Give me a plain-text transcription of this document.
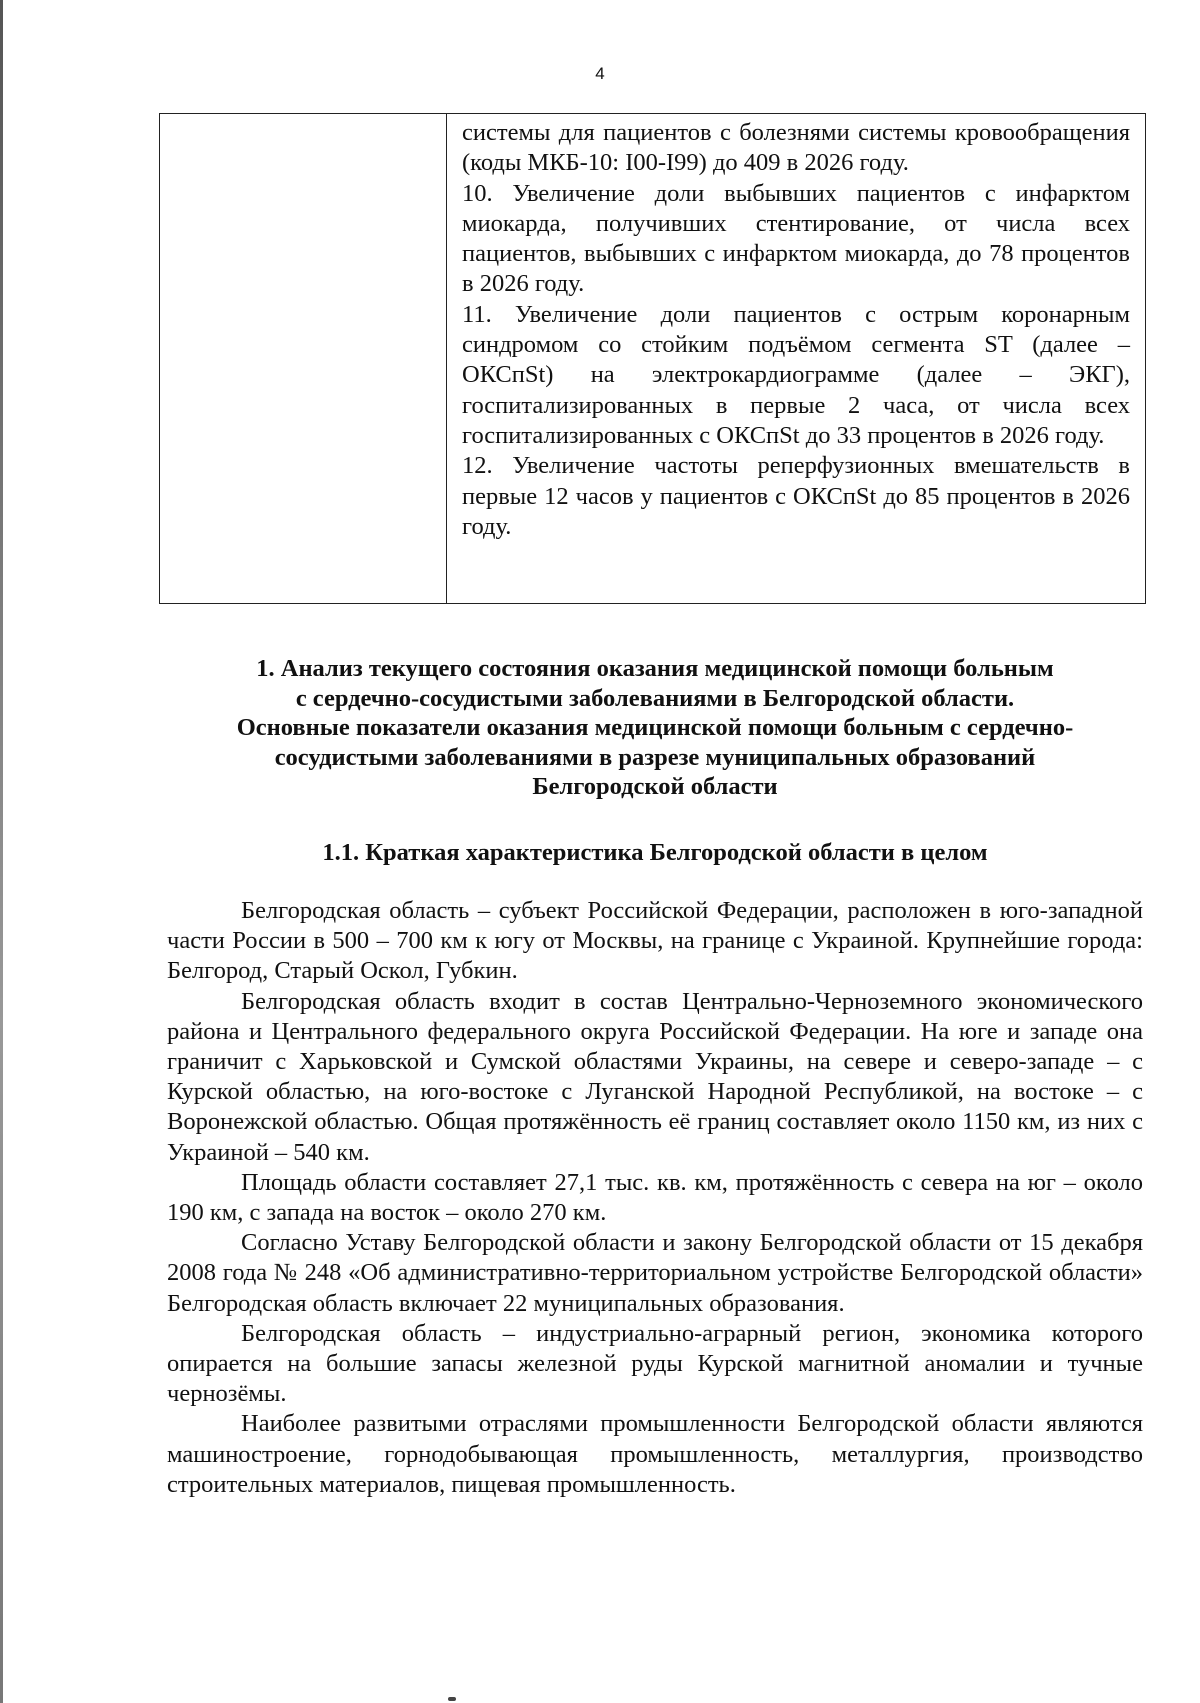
4

системы для пациентов с болезнями системы кровообращения (коды МКБ-10: I00-I99) до 409 в 2026 году.

10. Увеличение доли выбывших пациентов с инфарктом миокарда, получивших стентирование, от числа всех пациентов, выбывших с инфарктом миокарда, до 78 процентов в 2026 году.

11. Увеличение доли пациентов с острым коронарным синдромом со стойким подъёмом сегмента ST (далее – ОКСпSt) на электрокардиограмме (далее – ЭКГ), госпитализированных в первые 2 часа, от числа всех госпитализированных с ОКСпSt до 33 процентов в 2026 году.

12. Увеличение частоты реперфузионных вмешательств в первые 12 часов у пациентов с ОКСпSt до 85 процентов в 2026 году.

1. Анализ текущего состояния оказания медицинской помощи больным
с сердечно-сосудистыми заболеваниями в Белгородской области.
Основные показатели оказания медицинской помощи больным с сердечно-
сосудистыми заболеваниями в разрезе муниципальных образований
Белгородской области
1.1. Краткая характеристика Белгородской области в целом

Белгородская область – субъект Российской Федерации, расположен в юго-западной части России в 500 – 700 км к югу от Москвы, на границе с Украиной. Крупнейшие города: Белгород, Старый Оскол, Губкин.

Белгородская область входит в состав Центрально-Черноземного экономического района и Центрального федерального округа Российской Федерации. На юге и западе она граничит с Харьковской и Сумской областями Украины, на севере и северо-западе – с Курской областью, на юго-востоке с Луганской Народной Республикой, на востоке – с Воронежской областью. Общая протяжённость её границ составляет около 1150 км, из них с Украиной – 540 км.

Площадь области составляет 27,1 тыс. кв. км, протяжённость с севера на юг – около 190 км, с запада на восток – около 270 км.

Согласно Уставу Белгородской области и закону Белгородской области от 15 декабря 2008 года № 248 «Об административно-территориальном устройстве Белгородской области» Белгородская область включает 22 муниципальных образования.

Белгородская область – индустриально-аграрный регион, экономика которого опирается на большие запасы железной руды Курской магнитной аномалии и тучные чернозёмы.

Наиболее развитыми отраслями промышленности Белгородской области являются машиностроение, горнодобывающая промышленность, металлургия, производство строительных материалов, пищевая промышленность.
